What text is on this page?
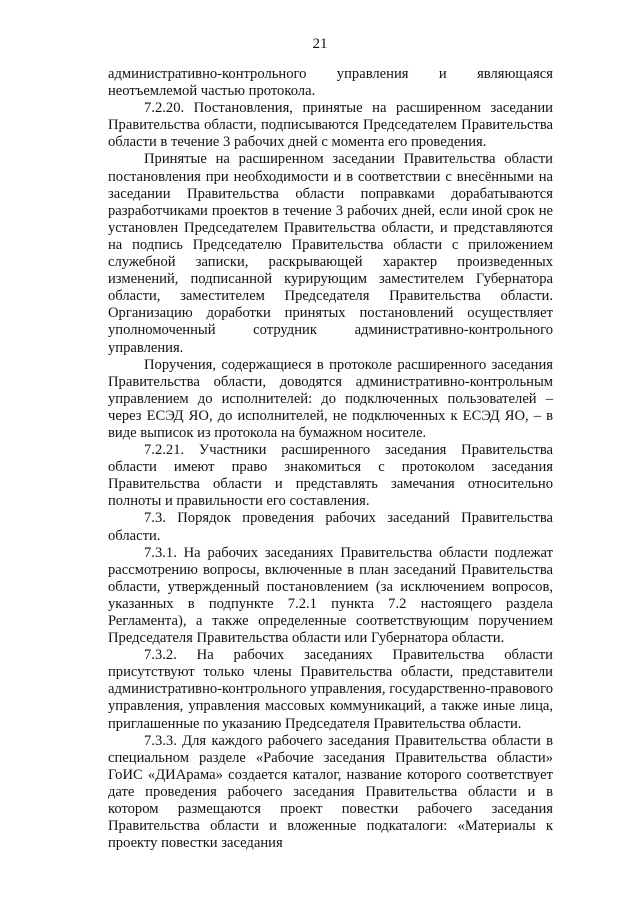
21

административно-контрольного управления и являющаяся неотъемлемой частью протокола.

7.2.20. Постановления, принятые на расширенном заседании Правительства области, подписываются Председателем Правительства области в течение 3 рабочих дней с момента его проведения.

Принятые на расширенном заседании Правительства области постановления при необходимости и в соответствии с внесёнными на заседании Правительства области поправками дорабатываются разработчиками проектов в течение 3 рабочих дней, если иной срок не установлен Председателем Правительства области, и представляются на подпись Председателю Правительства области с приложением служебной записки, раскрывающей характер произведенных изменений, подписанной курирующим заместителем Губернатора области, заместителем Председателя Правительства области. Организацию доработки принятых постановлений осуществляет уполномоченный сотрудник административно-контрольного управления.

Поручения, содержащиеся в протоколе расширенного заседания Правительства области, доводятся административно-контрольным управлением до исполнителей: до подключенных пользователей – через ЕСЭД ЯО, до исполнителей, не подключенных к ЕСЭД ЯО, – в виде выписок из протокола на бумажном носителе.

7.2.21. Участники расширенного заседания Правительства области имеют право знакомиться с протоколом заседания Правительства области и представлять замечания относительно полноты и правильности его составления.

7.3. Порядок проведения рабочих заседаний Правительства области.

7.3.1. На рабочих заседаниях Правительства области подлежат рассмотрению вопросы, включенные в план заседаний Правительства области, утвержденный постановлением (за исключением вопросов, указанных в подпункте 7.2.1 пункта 7.2 настоящего раздела Регламента), а также определенные соответствующим поручением Председателя Правительства области или Губернатора области.

7.3.2. На рабочих заседаниях Правительства области присутствуют только члены Правительства области, представители административно-контрольного управления, государственно-правового управления, управления массовых коммуникаций, а также иные лица, приглашенные по указанию Председателя Правительства области.

7.3.3. Для каждого рабочего заседания Правительства области в специальном разделе «Рабочие заседания Правительства области» ГоИС «ДИАрама» создается каталог, название которого соответствует дате проведения рабочего заседания Правительства области и в котором размещаются проект повестки рабочего заседания Правительства области и вложенные подкаталоги: «Материалы к проекту повестки заседания
